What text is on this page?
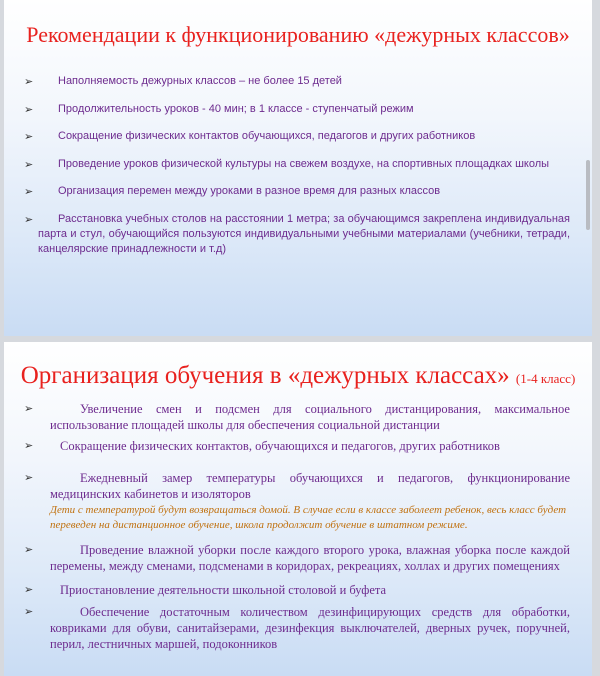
Рекомендации к функционированию «дежурных классов»
➢ Наполняемость дежурных классов – не более 15 детей
➢ Продолжительность уроков - 40 мин; в 1 классе - ступенчатый режим
➢ Сокращение физических контактов обучающихся, педагогов и других работников
➢ Проведение уроков физической культуры на свежем воздухе, на спортивных площадках школы
➢ Организация перемен между уроками в разное время для разных классов
➢	Расстановка учебных столов на расстоянии 1 метра; за обучающимся закреплена индивидуальная парта и стул, обучающийся пользуются индивидуальными учебными материалами (учебники, тетради, канцелярские принадлежности и т.д)
Организация обучения в «дежурных классах» (1-4 класс)
➢	Увеличение смен и подсмен для социального дистанцирования, максимальное использование площадей школы для обеспечения социальной дистанции
➢ Сокращение физических контактов, обучающихся и педагогов, других работников
➢	Ежедневный замер температуры обучающихся и педагогов, функционирование медицинских кабинетов и изоляторов
Дети с температурой будут возвращаться домой. В случае если в классе заболеет ребенок, весь класс будет переведен на дистанционное обучение, школа продолжит обучение в штатном режиме.
➢	Проведение влажной уборки после каждого второго урока, влажная уборка после каждой перемены, между сменами, подсменами в коридорах, рекреациях, холлах и других помещениях
➢ Приостановление деятельности школьной столовой и буфета
➢	Обеспечение достаточным количеством дезинфицирующих средств для обработки, ковриками для обуви, санитайзерами, дезинфекция выключателей, дверных ручек, поручней, перил, лестничных маршей, подоконников
